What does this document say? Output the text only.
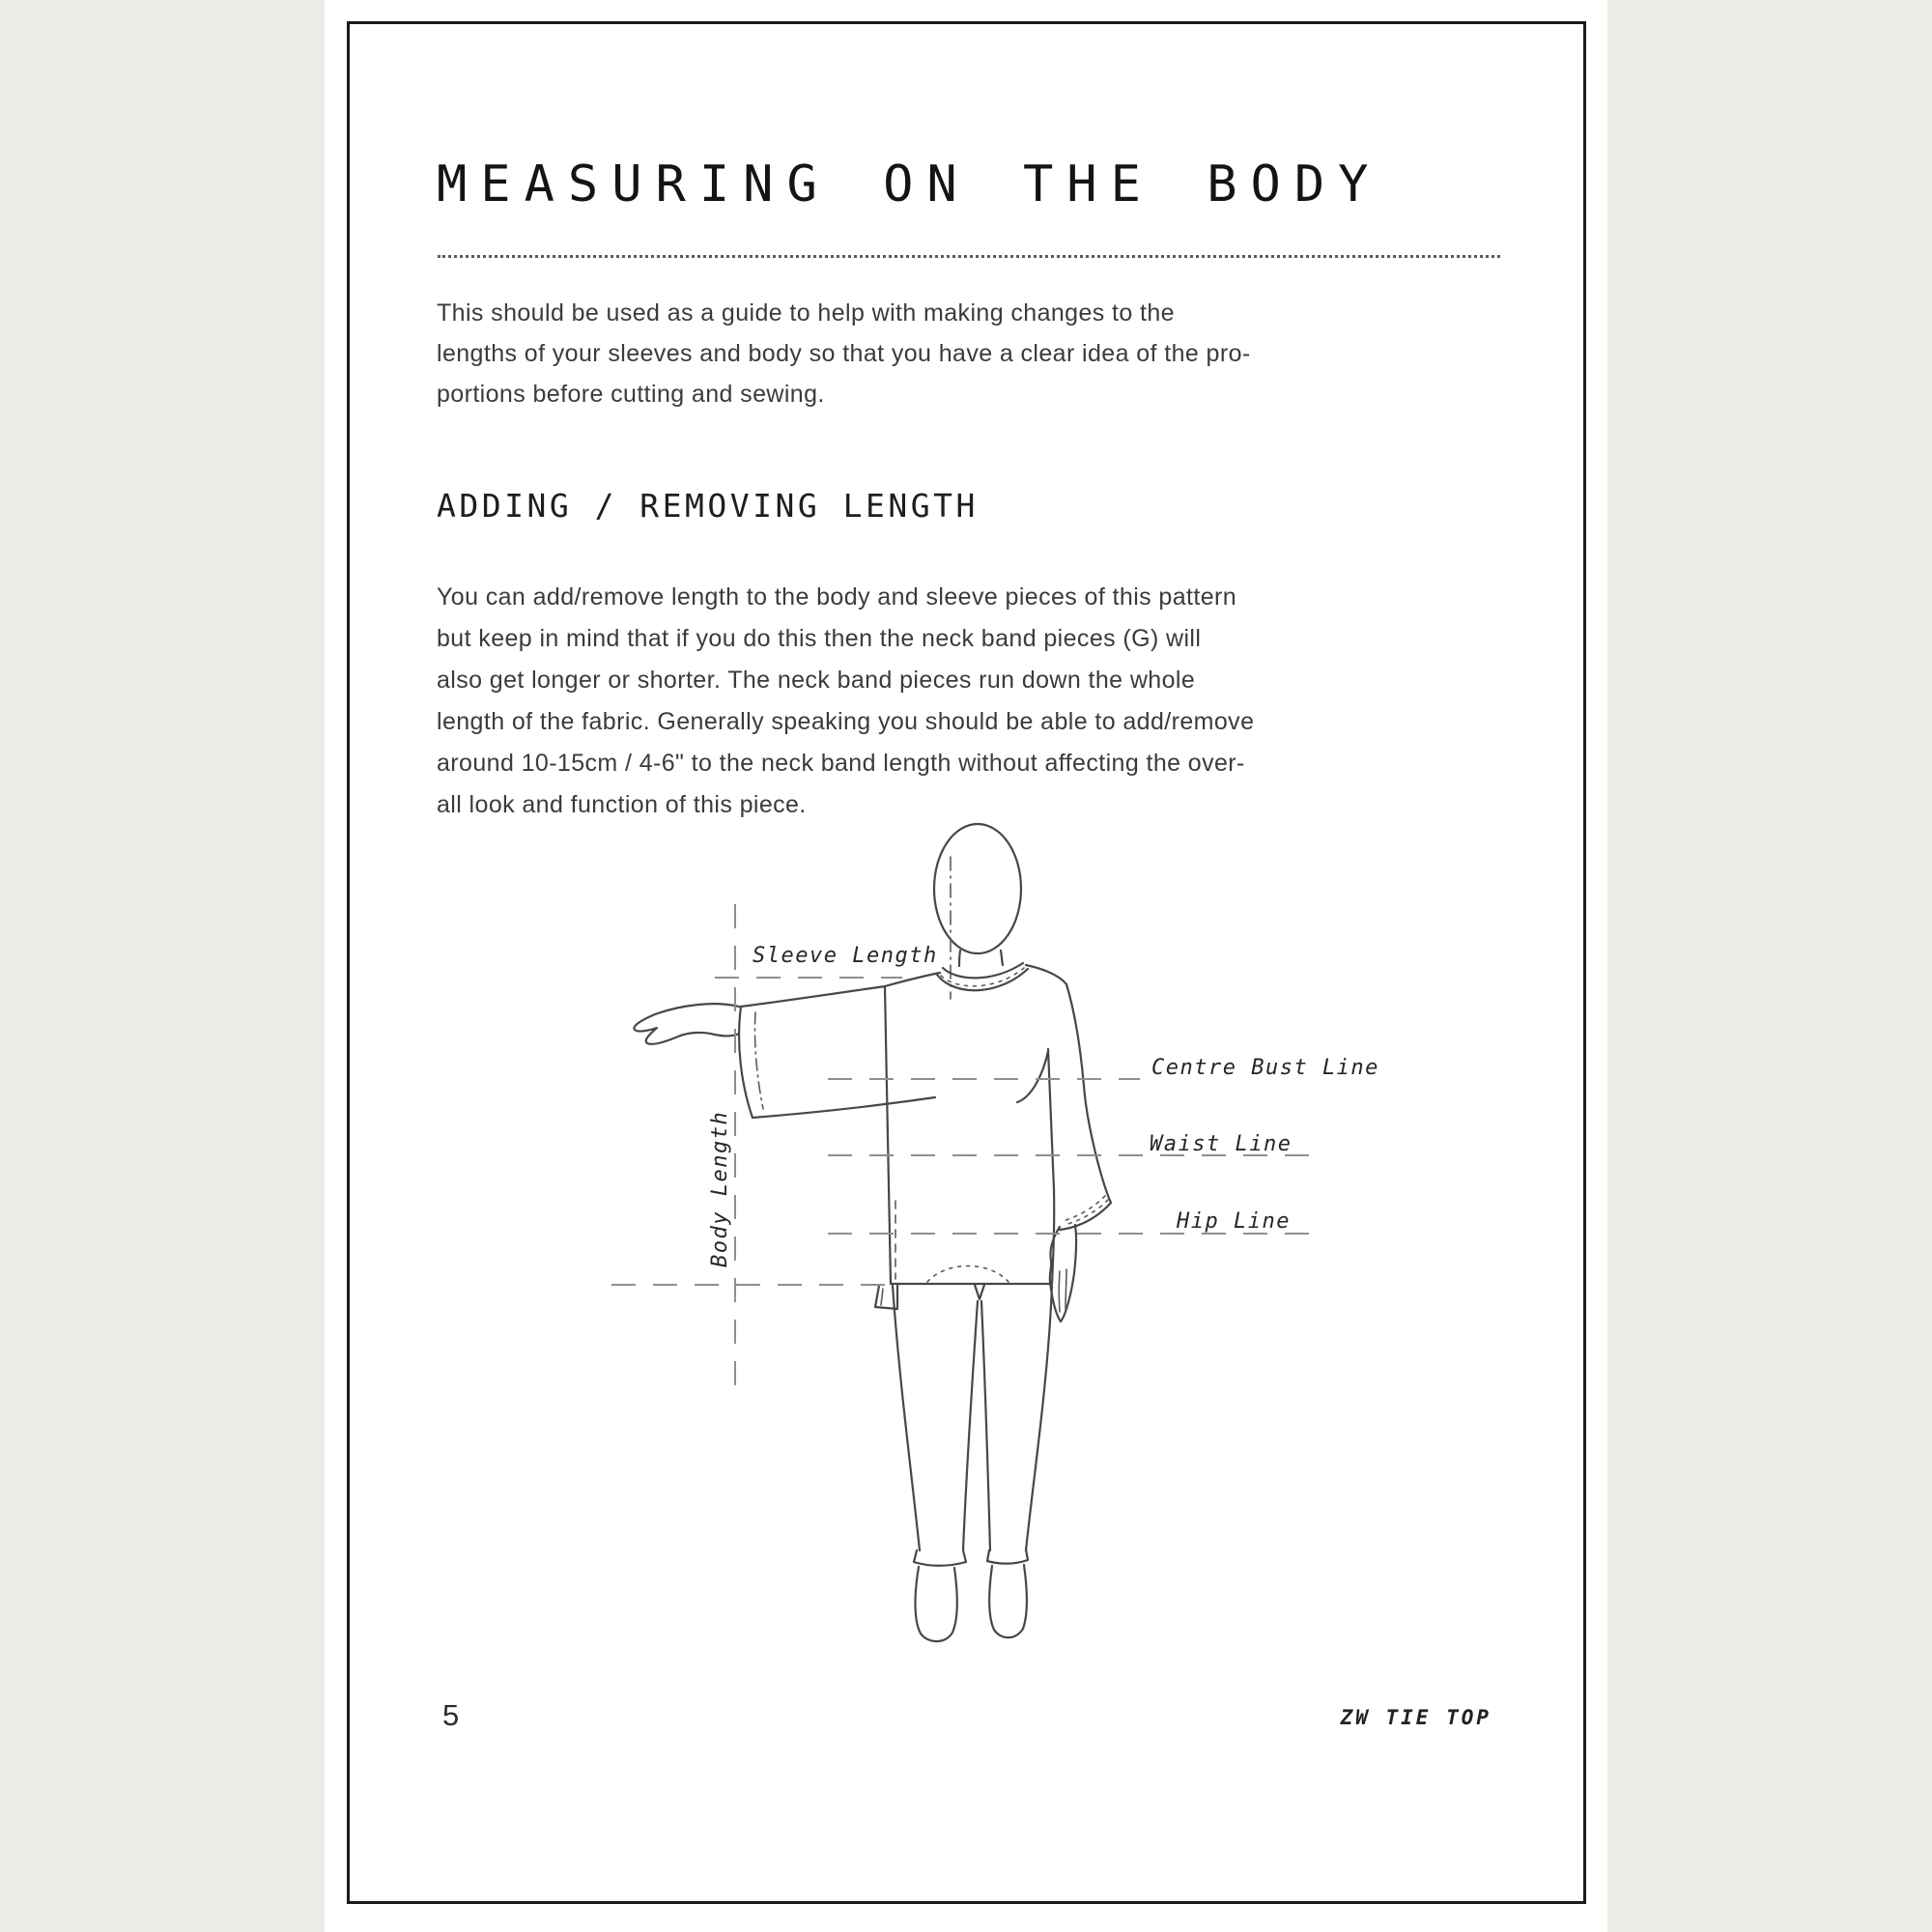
MEASURING ON THE BODY
This should be used as a guide to help with making changes to the
lengths of your sleeves and body so that you have a clear idea of the pro-
portions before cutting and sewing.
ADDING / REMOVING LENGTH
You can add/remove length to the body and sleeve pieces of this pattern
but keep in mind that if you do this then the neck band pieces (G) will
also get longer or shorter. The neck band pieces run down the whole
length of the fabric. Generally speaking you should be able to add/remove
around 10-15cm / 4-6" to the neck band length without affecting the over-
all look and function of this piece.
Sleeve Length
Body Length
Centre Bust Line
Waist Line
Hip Line
5	ZW TIE TOP
